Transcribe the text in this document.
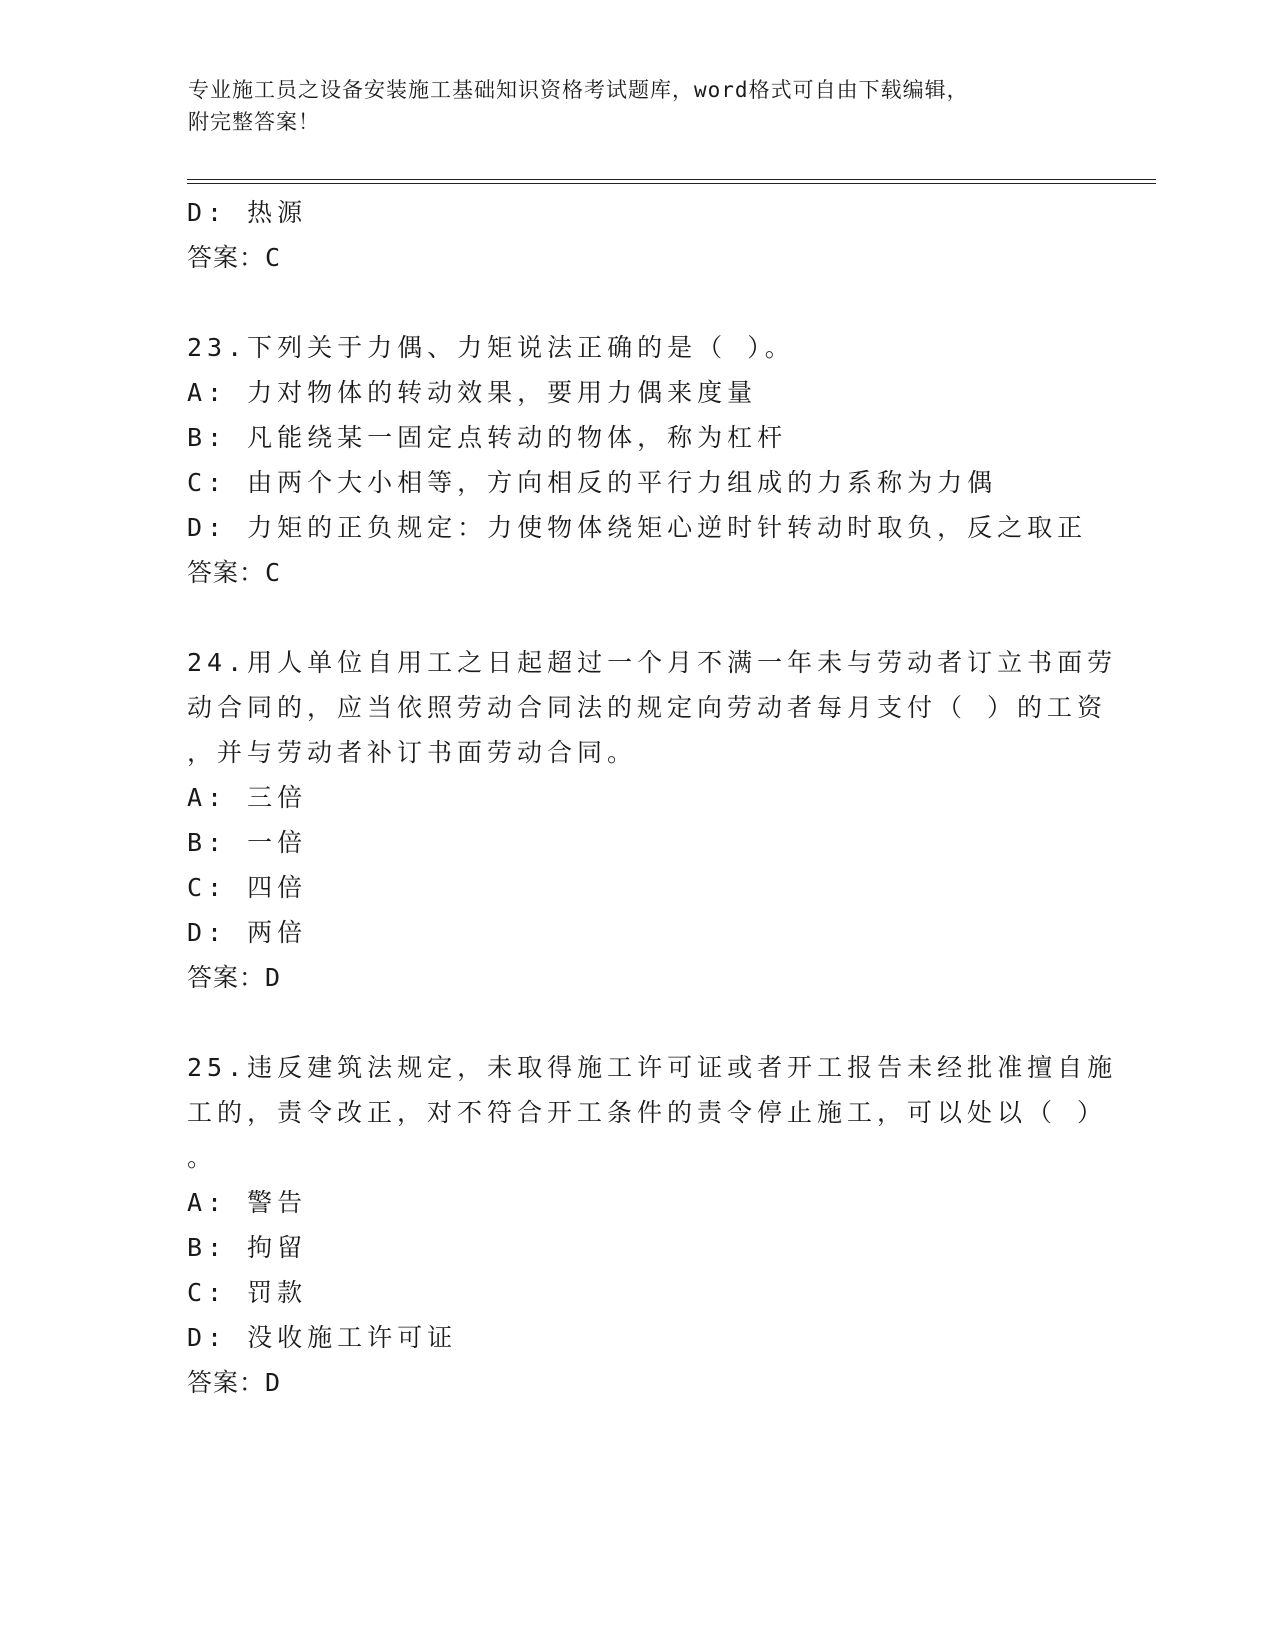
专业施工员之设备安装施工基础知识资格考试题库，word格式可自由下载编辑，
附完整答案！
D: 热源
答案：C
23.下列关于力偶、力矩说法正确的是（ ）。
A: 力对物体的转动效果，要用力偶来度量
B: 凡能绕某一固定点转动的物体，称为杠杆
C: 由两个大小相等，方向相反的平行力组成的力系称为力偶
D: 力矩的正负规定：力使物体绕矩心逆时针转动时取负，反之取正
答案：C
24.用人单位自用工之日起超过一个月不满一年未与劳动者订立书面劳
动合同的，应当依照劳动合同法的规定向劳动者每月支付（ ）的工资
，并与劳动者补订书面劳动合同。
A: 三倍
B: 一倍
C: 四倍
D: 两倍
答案：D
25.违反建筑法规定，未取得施工许可证或者开工报告未经批准擅自施
工的，责令改正，对不符合开工条件的责令停止施工，可以处以（ ）
。
A: 警告
B: 拘留
C: 罚款
D: 没收施工许可证
答案：D
